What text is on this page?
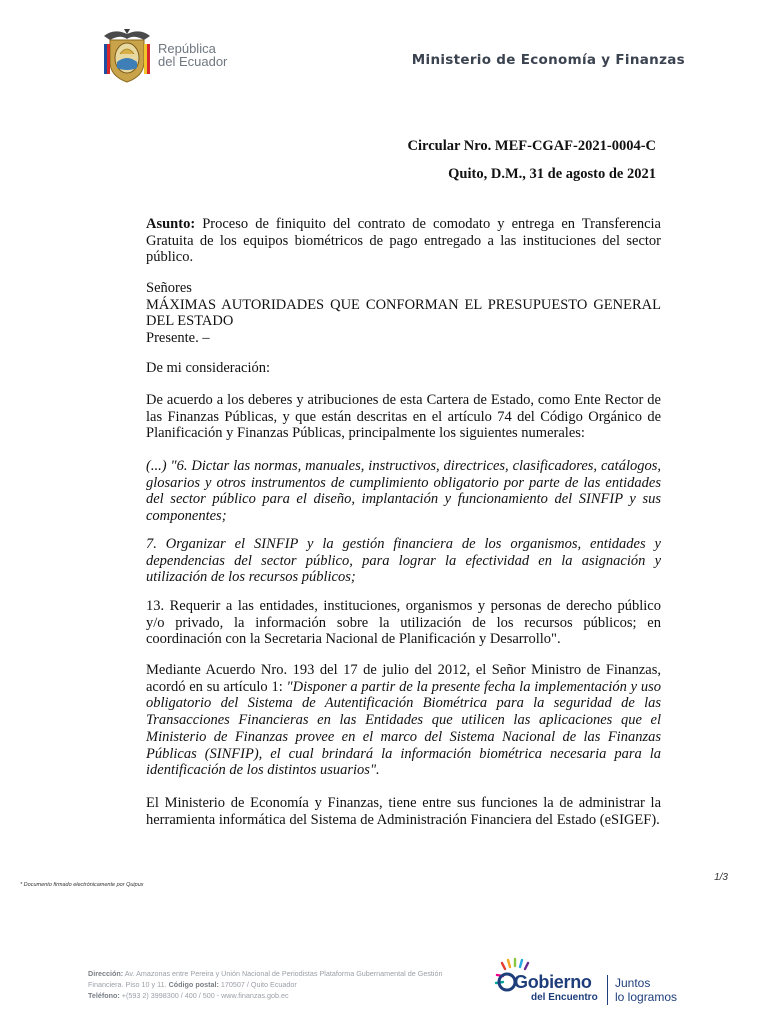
República
del Ecuador	Ministerio de Economía y Finanzas
Circular Nro. MEF-CGAF-2021-0004-C
Quito, D.M., 31 de agosto de 2021
Asunto: Proceso de finiquito del contrato de comodato y entrega en Transferencia Gratuita de los equipos biométricos de pago entregado a las instituciones del sector público.
Señores
MÁXIMAS AUTORIDADES QUE CONFORMAN EL PRESUPUESTO GENERAL DEL ESTADO
Presente. –
De mi consideración:
De acuerdo a los deberes y atribuciones de esta Cartera de Estado, como Ente Rector de las Finanzas Públicas, y que están descritas en el artículo 74 del Código Orgánico de Planificación y Finanzas Públicas, principalmente los siguientes numerales:
(...) "6. Dictar las normas, manuales, instructivos, directrices, clasificadores, catálogos, glosarios y otros instrumentos de cumplimiento obligatorio por parte de las entidades del sector público para el diseño, implantación y funcionamiento del SINFIP y sus componentes;
7. Organizar el SINFIP y la gestión financiera de los organismos, entidades y dependencias del sector público, para lograr la efectividad en la asignación y utilización de los recursos públicos;
13. Requerir a las entidades, instituciones, organismos y personas de derecho público y/o privado, la información sobre la utilización de los recursos públicos; en coordinación con la Secretaria Nacional de Planificación y Desarrollo".
Mediante Acuerdo Nro. 193 del 17 de julio del 2012, el Señor Ministro de Finanzas, acordó en su artículo 1: "Disponer a partir de la presente fecha la implementación y uso obligatorio del Sistema de Autentificación Biométrica para la seguridad de las Transacciones Financieras en las Entidades que utilicen las aplicaciones que el Ministerio de Finanzas provee en el marco del Sistema Nacional de las Finanzas Públicas (SINFIP), el cual brindará la información biométrica necesaria para la identificación de los distintos usuarios".
El Ministerio de Economía y Finanzas, tiene entre sus funciones la de administrar la herramienta informática del Sistema de Administración Financiera del Estado (eSIGEF).
1/3
* Documento firmado electrónicamente por Quipux
Dirección: Av. Amazonas entre Pereira y Unión Nacional de Periodistas Plataforma Gubernamental de Gestión Financiera. Piso 10 y 11. Código postal: 170507 / Quito Ecuador
Teléfono: +(593 2) 3998300 / 400 / 500 - www.finanzas.gob.ec
Gobierno
del Encuentro
Juntos
lo logramos
